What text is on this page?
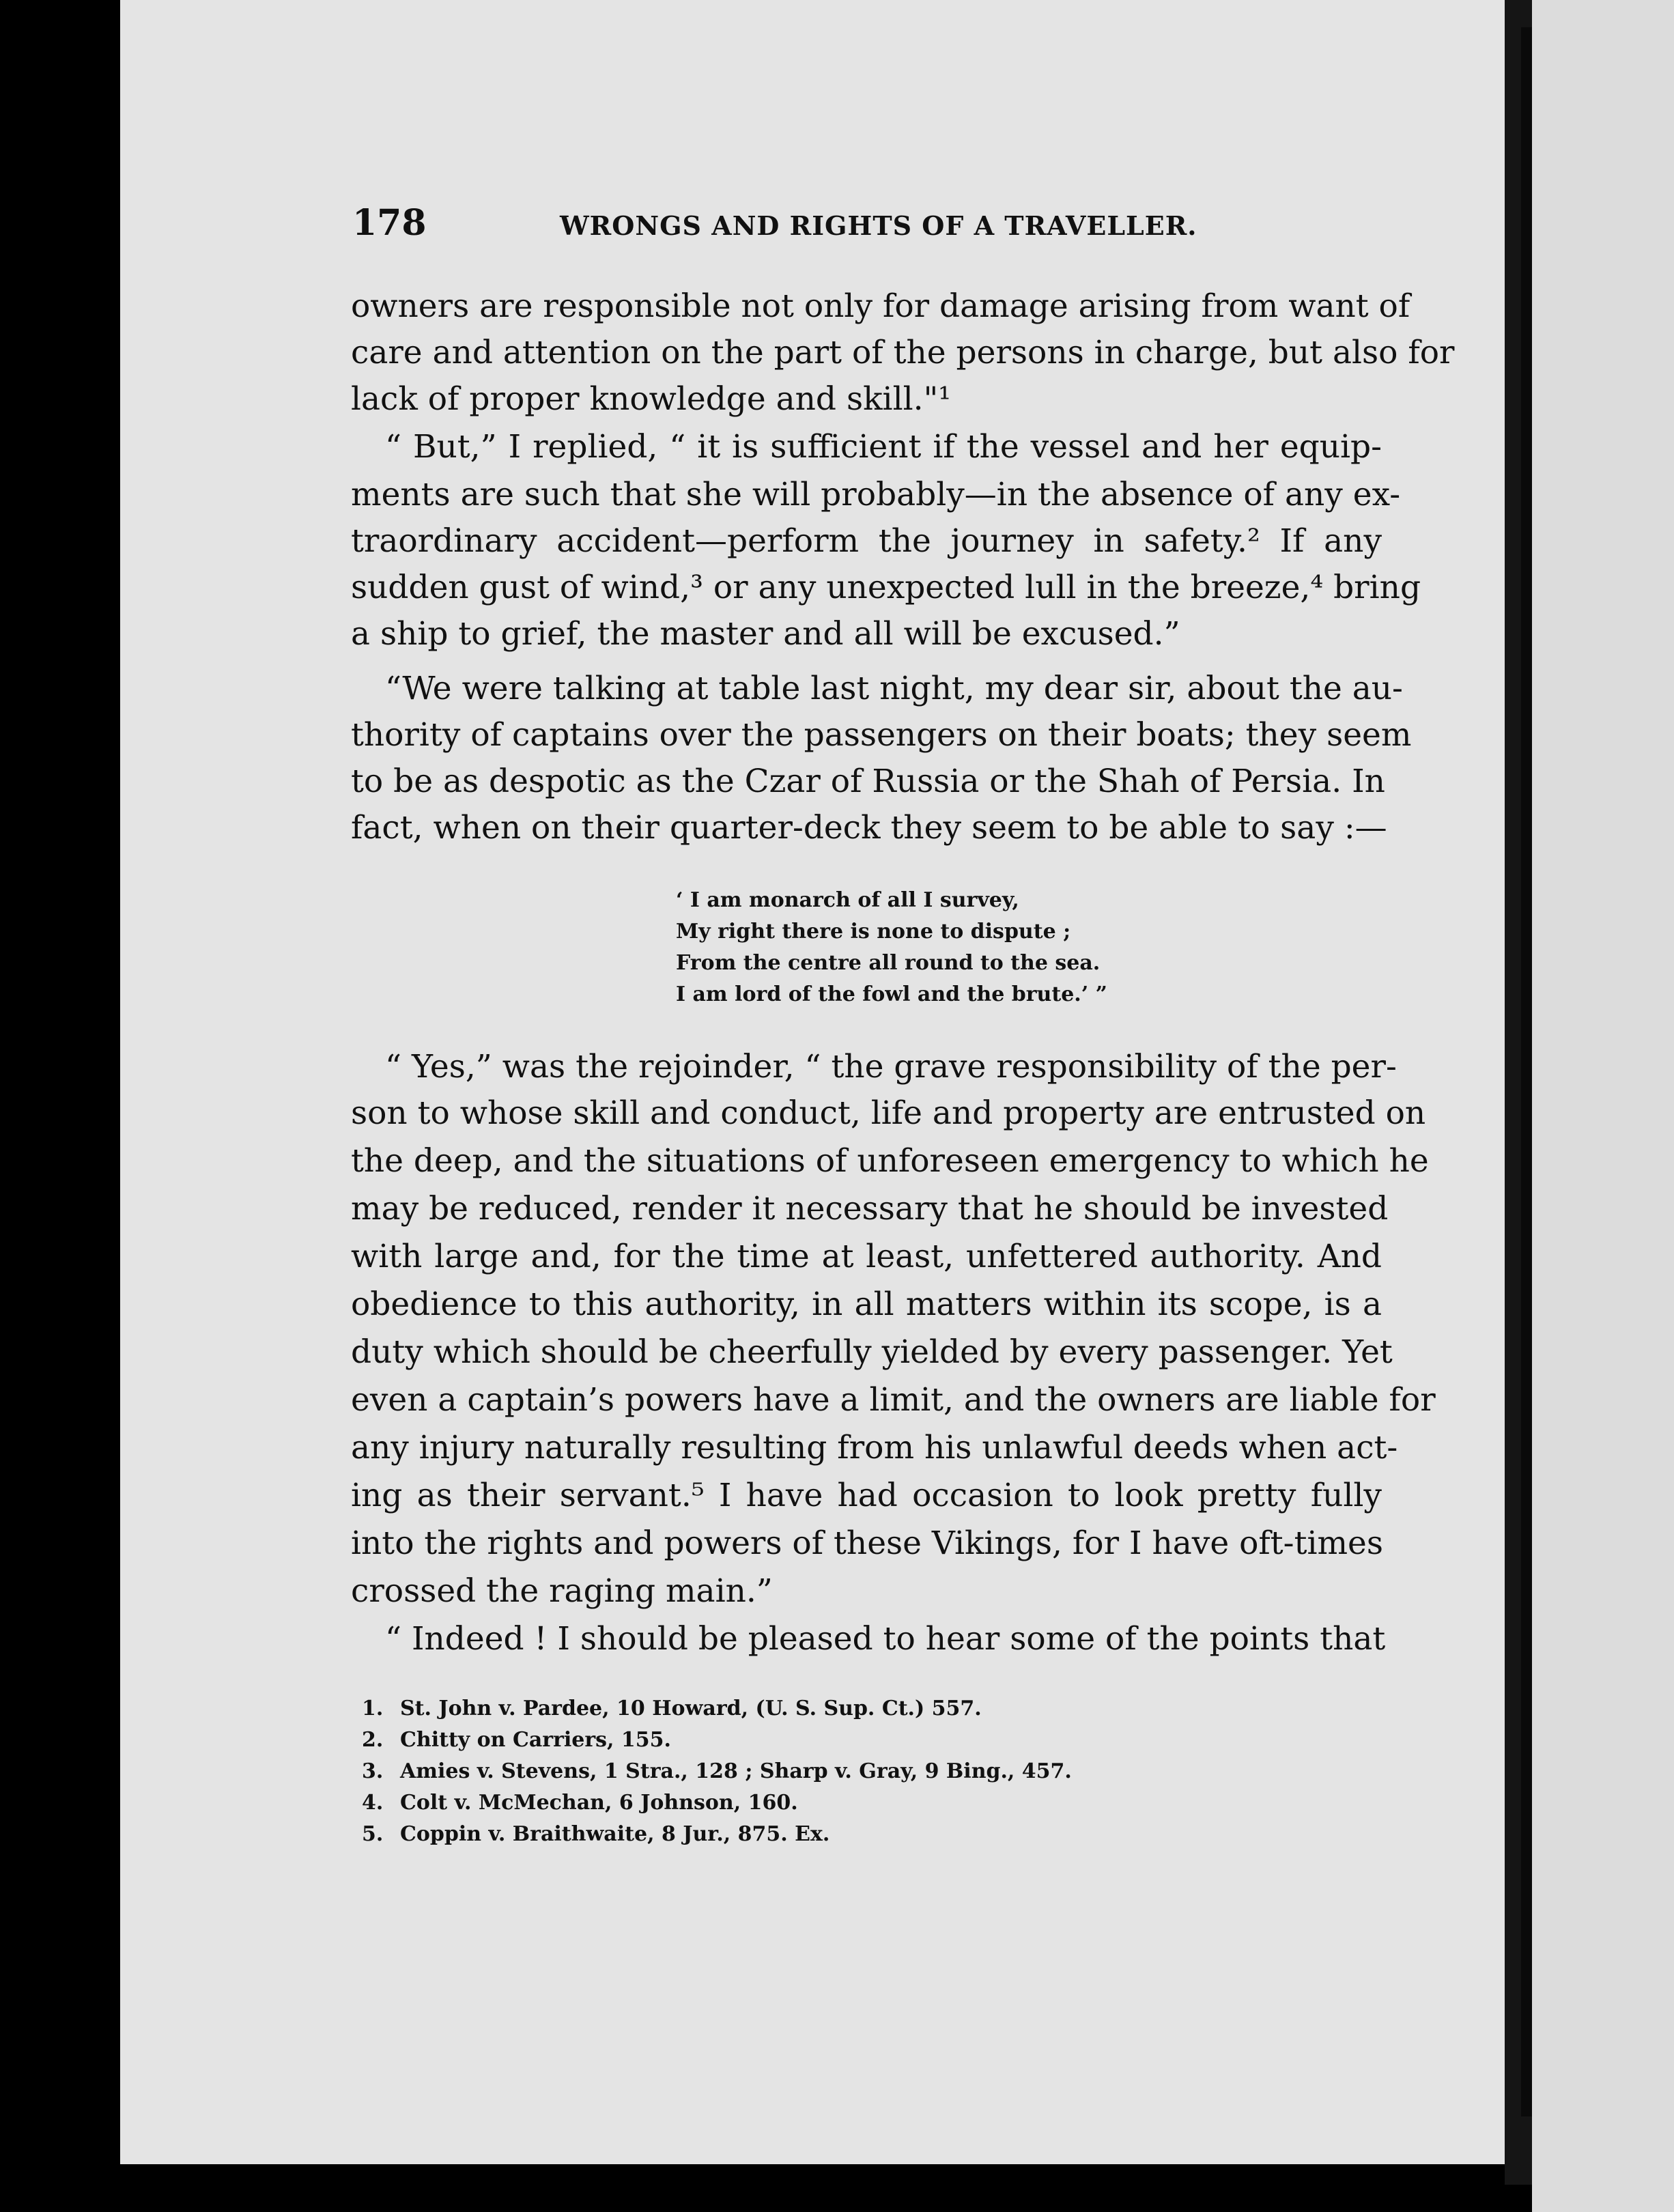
178	WRONGS AND RIGHTS OF A TRAVELLER.
owners are responsible not only for damage arising from want of
care and attention on the part of the persons in charge, but also for
lack of proper knowledge and skill."¹
“ But,” I replied, “ it is sufficient if the vessel and her equip-
ments are such that she will probably—in the absence of any ex-
traordinary accident—perform the journey in safety.² If any
sudden gust of wind,³ or any unexpected lull in the breeze,⁴ bring
a ship to grief, the master and all will be excused.”
“We were talking at table last night, my dear sir, about the au-
thority of captains over the passengers on their boats; they seem
to be as despotic as the Czar of Russia or the Shah of Persia. In
fact, when on their quarter-deck they seem to be able to say :—
‘ I am monarch of all I survey,
My right there is none to dispute ;
From the centre all round to the sea.
I am lord of the fowl and the brute.’ ”
“ Yes,” was the rejoinder, “ the grave responsibility of the per-
son to whose skill and conduct, life and property are entrusted on
the deep, and the situations of unforeseen emergency to which he
may be reduced, render it necessary that he should be invested
with large and, for the time at least, unfettered authority. And
obedience to this authority, in all matters within its scope, is a
duty which should be cheerfully yielded by every passenger. Yet
even a captain’s powers have a limit, and the owners are liable for
any injury naturally resulting from his unlawful deeds when act-
ing as their servant.⁵ I have had occasion to look pretty fully
into the rights and powers of these Vikings, for I have oft-times
crossed the raging main.”
“ Indeed ! I should be pleased to hear some of the points that
1. St. John v. Pardee, 10 Howard, (U. S. Sup. Ct.) 557.
2. Chitty on Carriers, 155.
3. Amies v. Stevens, 1 Stra., 128 ; Sharp v. Gray, 9 Bing., 457.
4. Colt v. McMechan, 6 Johnson, 160.
5. Coppin v. Braithwaite, 8 Jur., 875. Ex.
